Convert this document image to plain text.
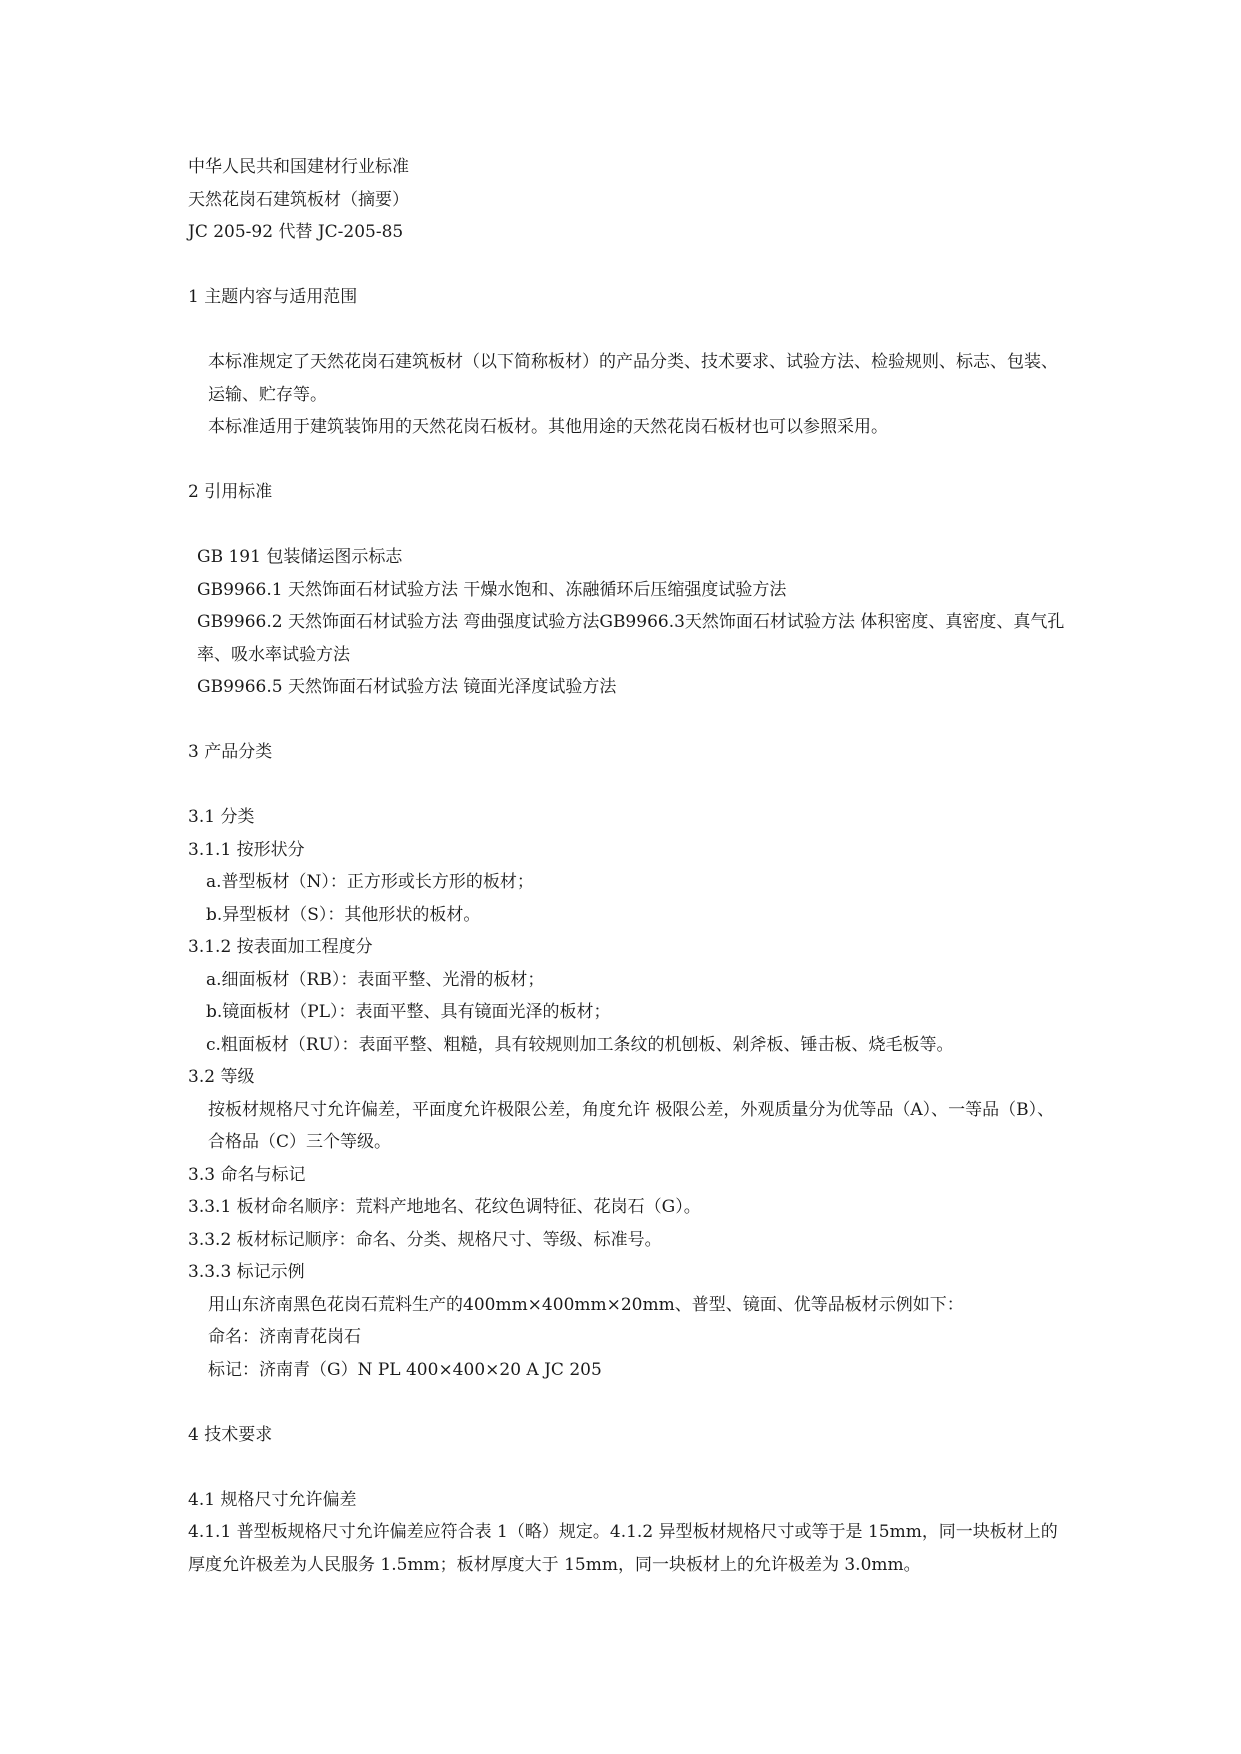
中华人民共和国建材行业标准
天然花岗石建筑板材（摘要）
JC 205-92 代替 JC-205-85
1 主题内容与适用范围
本标准规定了天然花岗石建筑板材（以下简称板材）的产品分类、技术要求、试验方法、检验规则、标志、包装、运输、贮存等。
本标准适用于建筑装饰用的天然花岗石板材。其他用途的天然花岗石板材也可以参照采用。
2 引用标准
GB 191 包装储运图示标志
GB9966.1 天然饰面石材试验方法 干燥水饱和、冻融循环后压缩强度试验方法
GB9966.2 天然饰面石材试验方法 弯曲强度试验方法GB9966.3天然饰面石材试验方法 体积密度、真密度、真气孔率、吸水率试验方法
GB9966.5 天然饰面石材试验方法 镜面光泽度试验方法
3 产品分类
3.1 分类
3.1.1 按形状分
a.普型板材（N）：正方形或长方形的板材；
b.异型板材（S）：其他形状的板材。
3.1.2 按表面加工程度分
a.细面板材（RB）：表面平整、光滑的板材；
b.镜面板材（PL）：表面平整、具有镜面光泽的板材；
c.粗面板材（RU）：表面平整、粗糙，具有较规则加工条纹的机刨板、剁斧板、锤击板、烧毛板等。
3.2 等级
按板材规格尺寸允许偏差，平面度允许极限公差，角度允许 极限公差，外观质量分为优等品（A）、一等品（B）、合格品（C）三个等级。
3.3 命名与标记
3.3.1 板材命名顺序：荒料产地地名、花纹色调特征、花岗石（G）。
3.3.2 板材标记顺序：命名、分类、规格尺寸、等级、标准号。
3.3.3 标记示例
用山东济南黑色花岗石荒料生产的400mm×400mm×20mm、普型、镜面、优等品板材示例如下：
命名：济南青花岗石
标记：济南青（G）N PL 400×400×20 A JC 205
4 技术要求
4.1 规格尺寸允许偏差
4.1.1 普型板规格尺寸允许偏差应符合表 1（略）规定。4.1.2 异型板材规格尺寸或等于是 15mm，同一块板材上的厚度允许极差为人民服务 1.5mm；板材厚度大于 15mm，同一块板材上的允许极差为 3.0mm。
